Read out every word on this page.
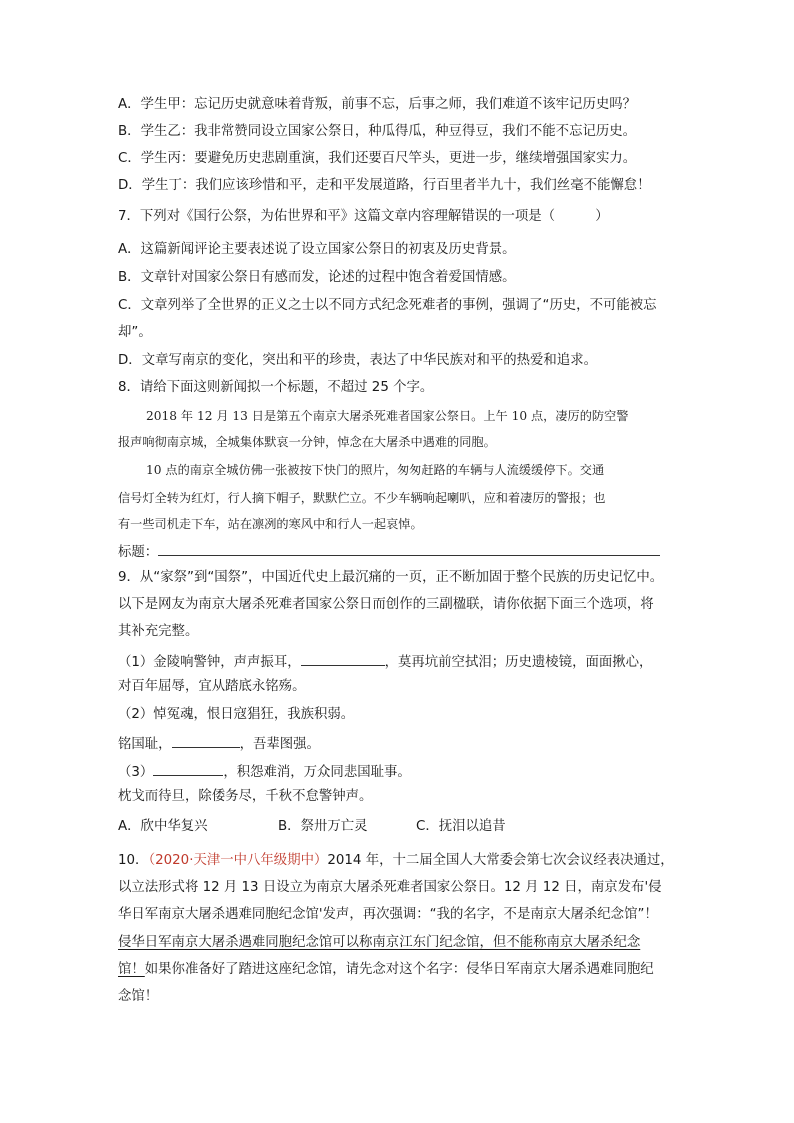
A．学生甲：忘记历史就意味着背叛，前事不忘，后事之师，我们难道不该牢记历史吗？
B．学生乙：我非常赞同设立国家公祭日，种瓜得瓜，种豆得豆，我们不能不忘记历史。
C．学生丙：要避免历史悲剧重演，我们还要百尺竿头，更进一步，继续增强国家实力。
D．学生丁：我们应该珍惜和平，走和平发展道路，行百里者半九十，我们丝毫不能懈怠！
7．下列对《国行公祭，为佑世界和平》这篇文章内容理解错误的一项是（　　　）
A．这篇新闻评论主要表述说了设立国家公祭日的初衷及历史背景。
B．文章针对国家公祭日有感而发，论述的过程中饱含着爱国情感。
C．文章列举了全世界的正义之士以不同方式纪念死难者的事例，强调了“历史，不可能被忘
却”。
D．文章写南京的变化，突出和平的珍贵，表达了中华民族对和平的热爱和追求。
8．请给下面这则新闻拟一个标题，不超过 25 个字。
2018 年 12 月 13 日是第五个南京大屠杀死难者国家公祭日。上午 10 点，凄厉的防空警
报声响彻南京城，全城集体默哀一分钟，悼念在大屠杀中遇难的同胞。
10 点的南京全城仿佛一张被按下快门的照片，匆匆赶路的车辆与人流缓缓停下。交通
信号灯全转为红灯，行人摘下帽子，默默伫立。不少车辆响起喇叭，应和着凄厉的警报；也
有一些司机走下车，站在凛冽的寒风中和行人一起哀悼。
标题：
9．从“家祭”到“国祭”，中国近代史上最沉痛的一页，正不断加固于整个民族的历史记忆中。
以下是网友为南京大屠杀死难者国家公祭日而创作的三副楹联，请你依据下面三个选项，将
其补充完整。
（1）金陵响警钟，声声振耳，	，莫再坑前空拭泪；历史遗棱镜，面面揪心，
对百年屈辱，宜从踏底永铭殇。
（2）悼冤魂，恨日寇猖狂，我族积弱。
铭国耻，	，吾辈图强。
（3）	，积怨难消，万众同悲国耻事。
枕戈而待旦，除倭务尽，千秋不怠警钟声。
A．欣中华复兴	B．祭卅万亡灵	C．抚泪以追昔
10．（2020·天津一中八年级期中）2014 年，十二届全国人大常委会第七次会议经表决通过，
以立法形式将 12 月 13 日设立为南京大屠杀死难者国家公祭日。12 月 12 日，南京发布'侵
华日军南京大屠杀遇难同胞纪念馆'发声，再次强调：“我的名字，不是南京大屠杀纪念馆”！
侵华日军南京大屠杀遇难同胞纪念馆可以称南京江东门纪念馆，但不能称南京大屠杀纪念
馆！如果你准备好了踏进这座纪念馆，请先念对这个名字：侵华日军南京大屠杀遇难同胞纪
念馆！
